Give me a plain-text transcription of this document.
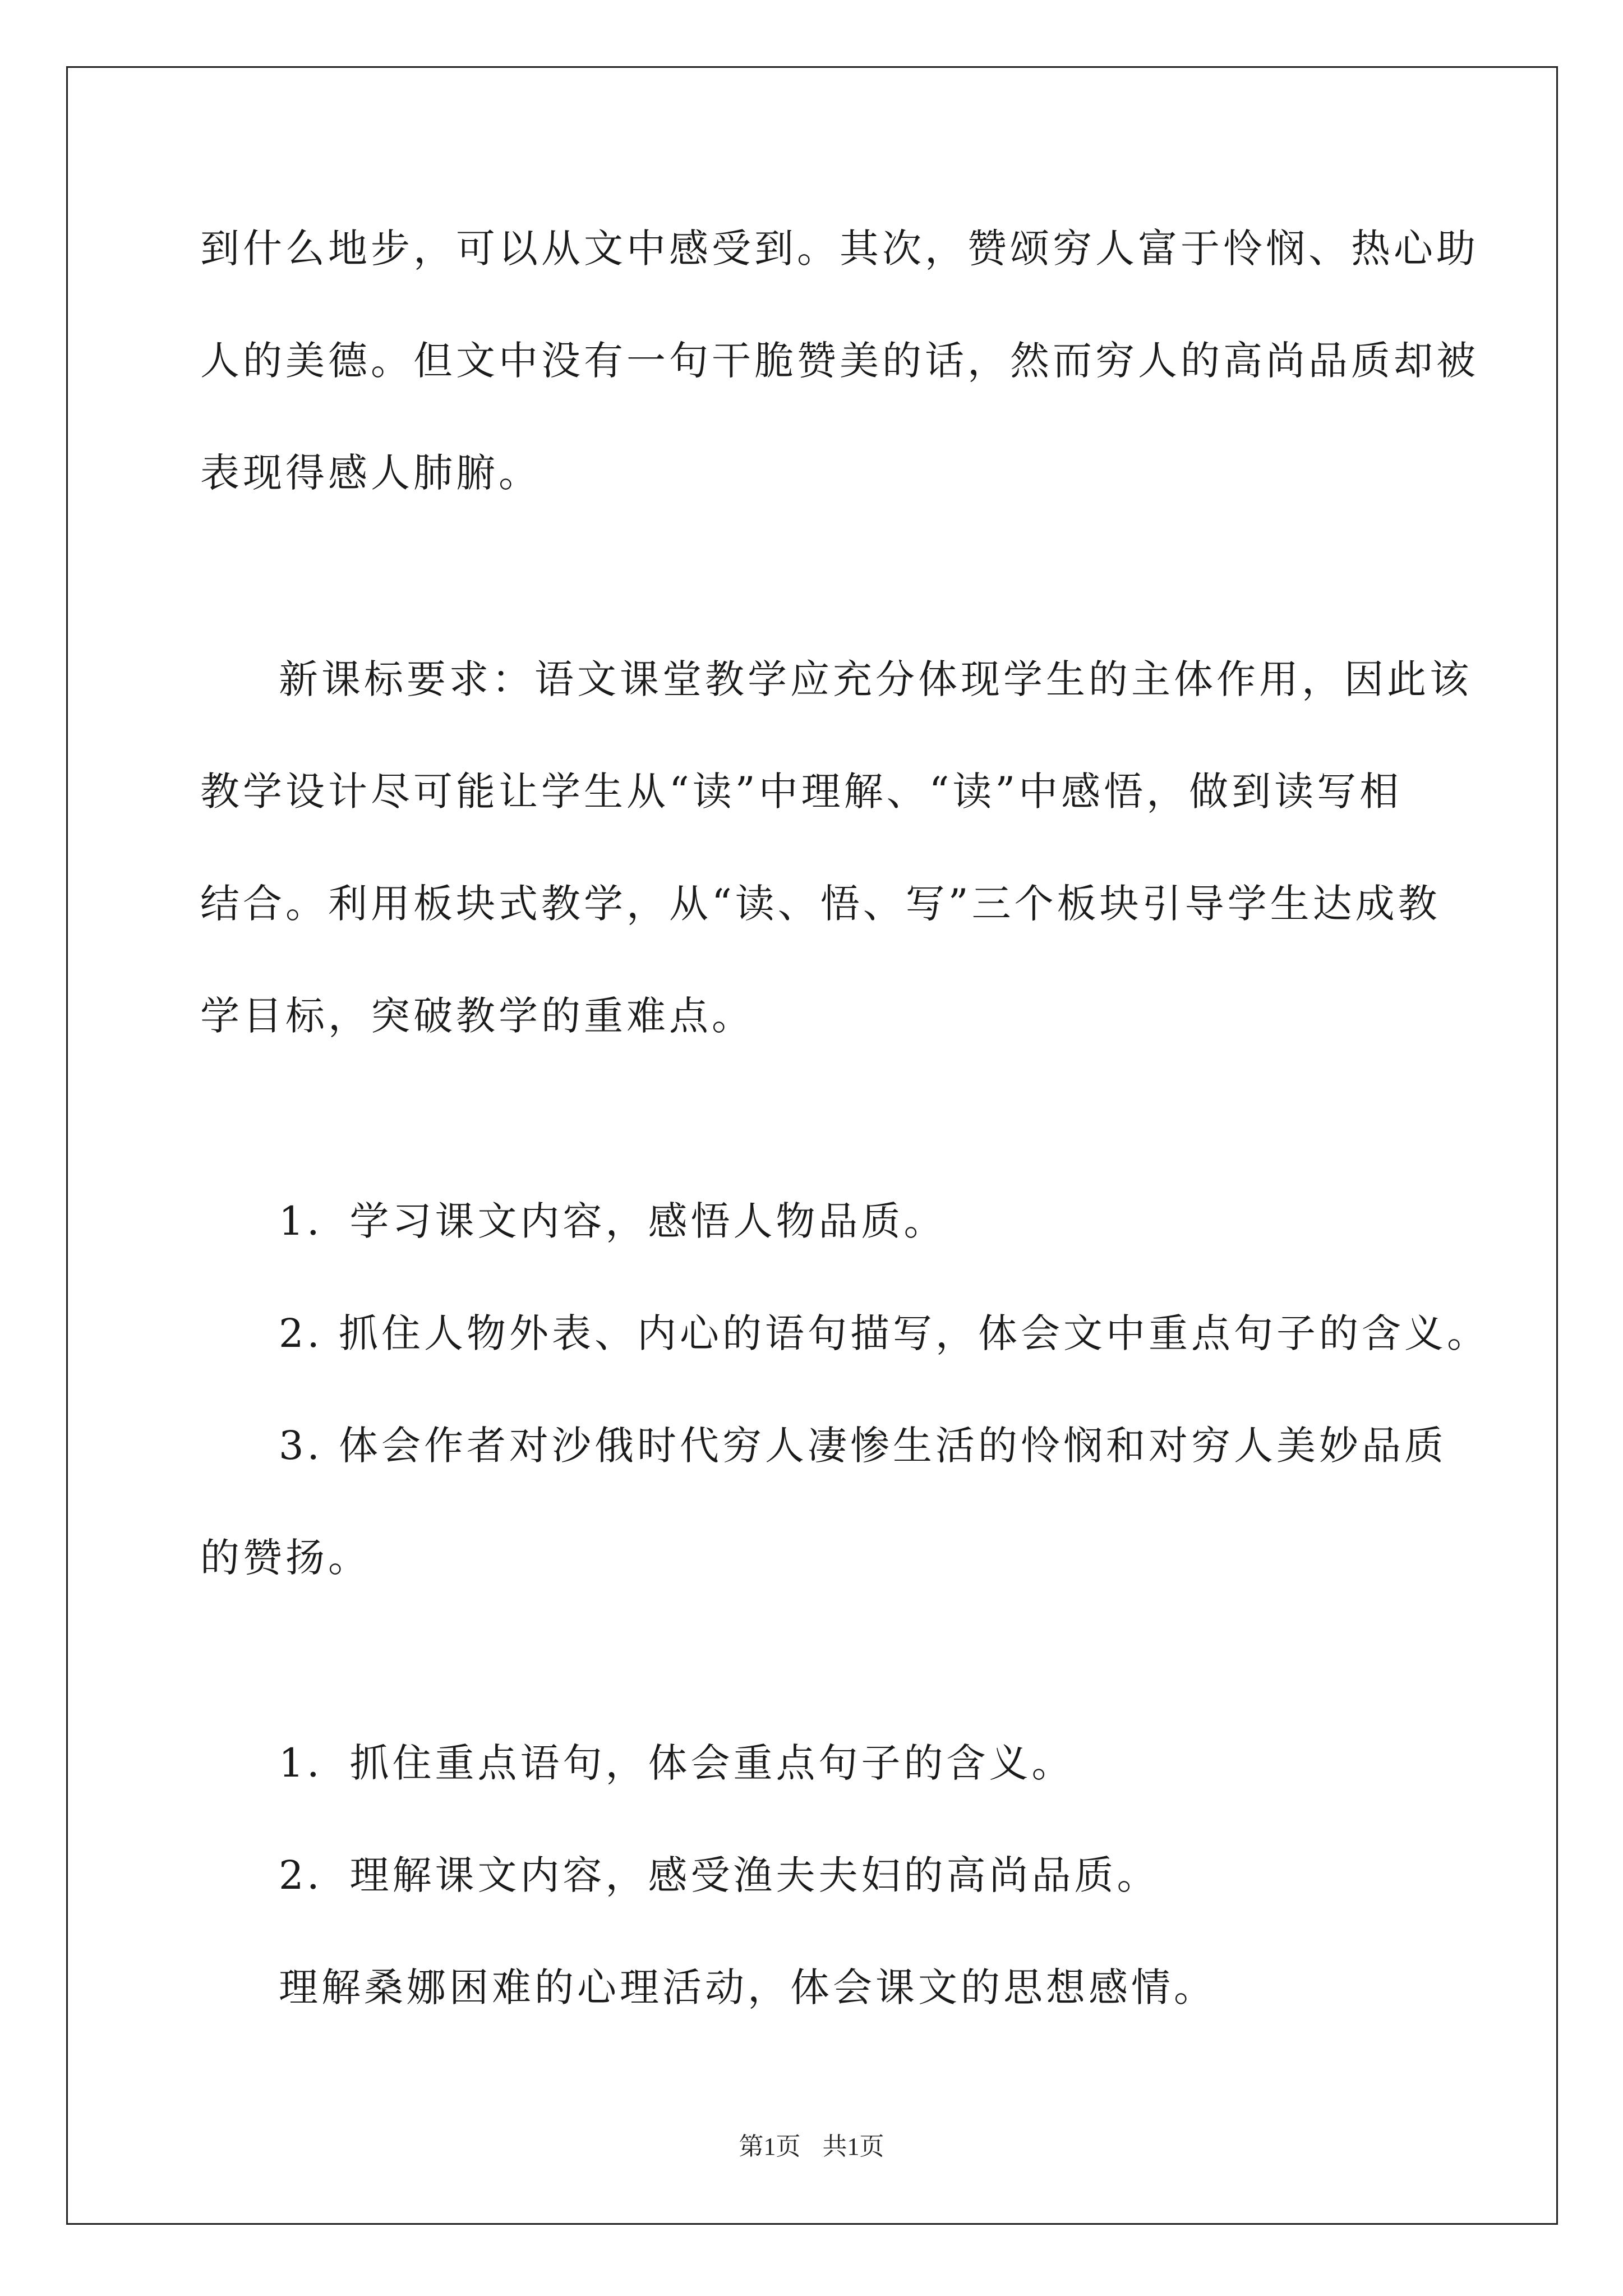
到什么地步，可以从文中感受到。其次，赞颂穷人富于怜悯、热心助
人的美德。但文中没有一句干脆赞美的话，然而穷人的高尚品质却被
表现得感人肺腑。
新课标要求：语文课堂教学应充分体现学生的主体作用，因此该
教学设计尽可能让学生从“读”中理解、“读”中感悟，做到读写相
结合。利用板块式教学，从“读、悟、写”三个板块引导学生达成教
学目标，突破教学的重难点。
1．学习课文内容，感悟人物品质。
2. 抓住人物外表、内心的语句描写，体会文中重点句子的含义。
3. 体会作者对沙俄时代穷人凄惨生活的怜悯和对穷人美妙品质
的赞扬。
1．抓住重点语句，体会重点句子的含义。
2．理解课文内容，感受渔夫夫妇的高尚品质。
理解桑娜困难的心理活动，体会课文的思想感情。
第1页 共1页
